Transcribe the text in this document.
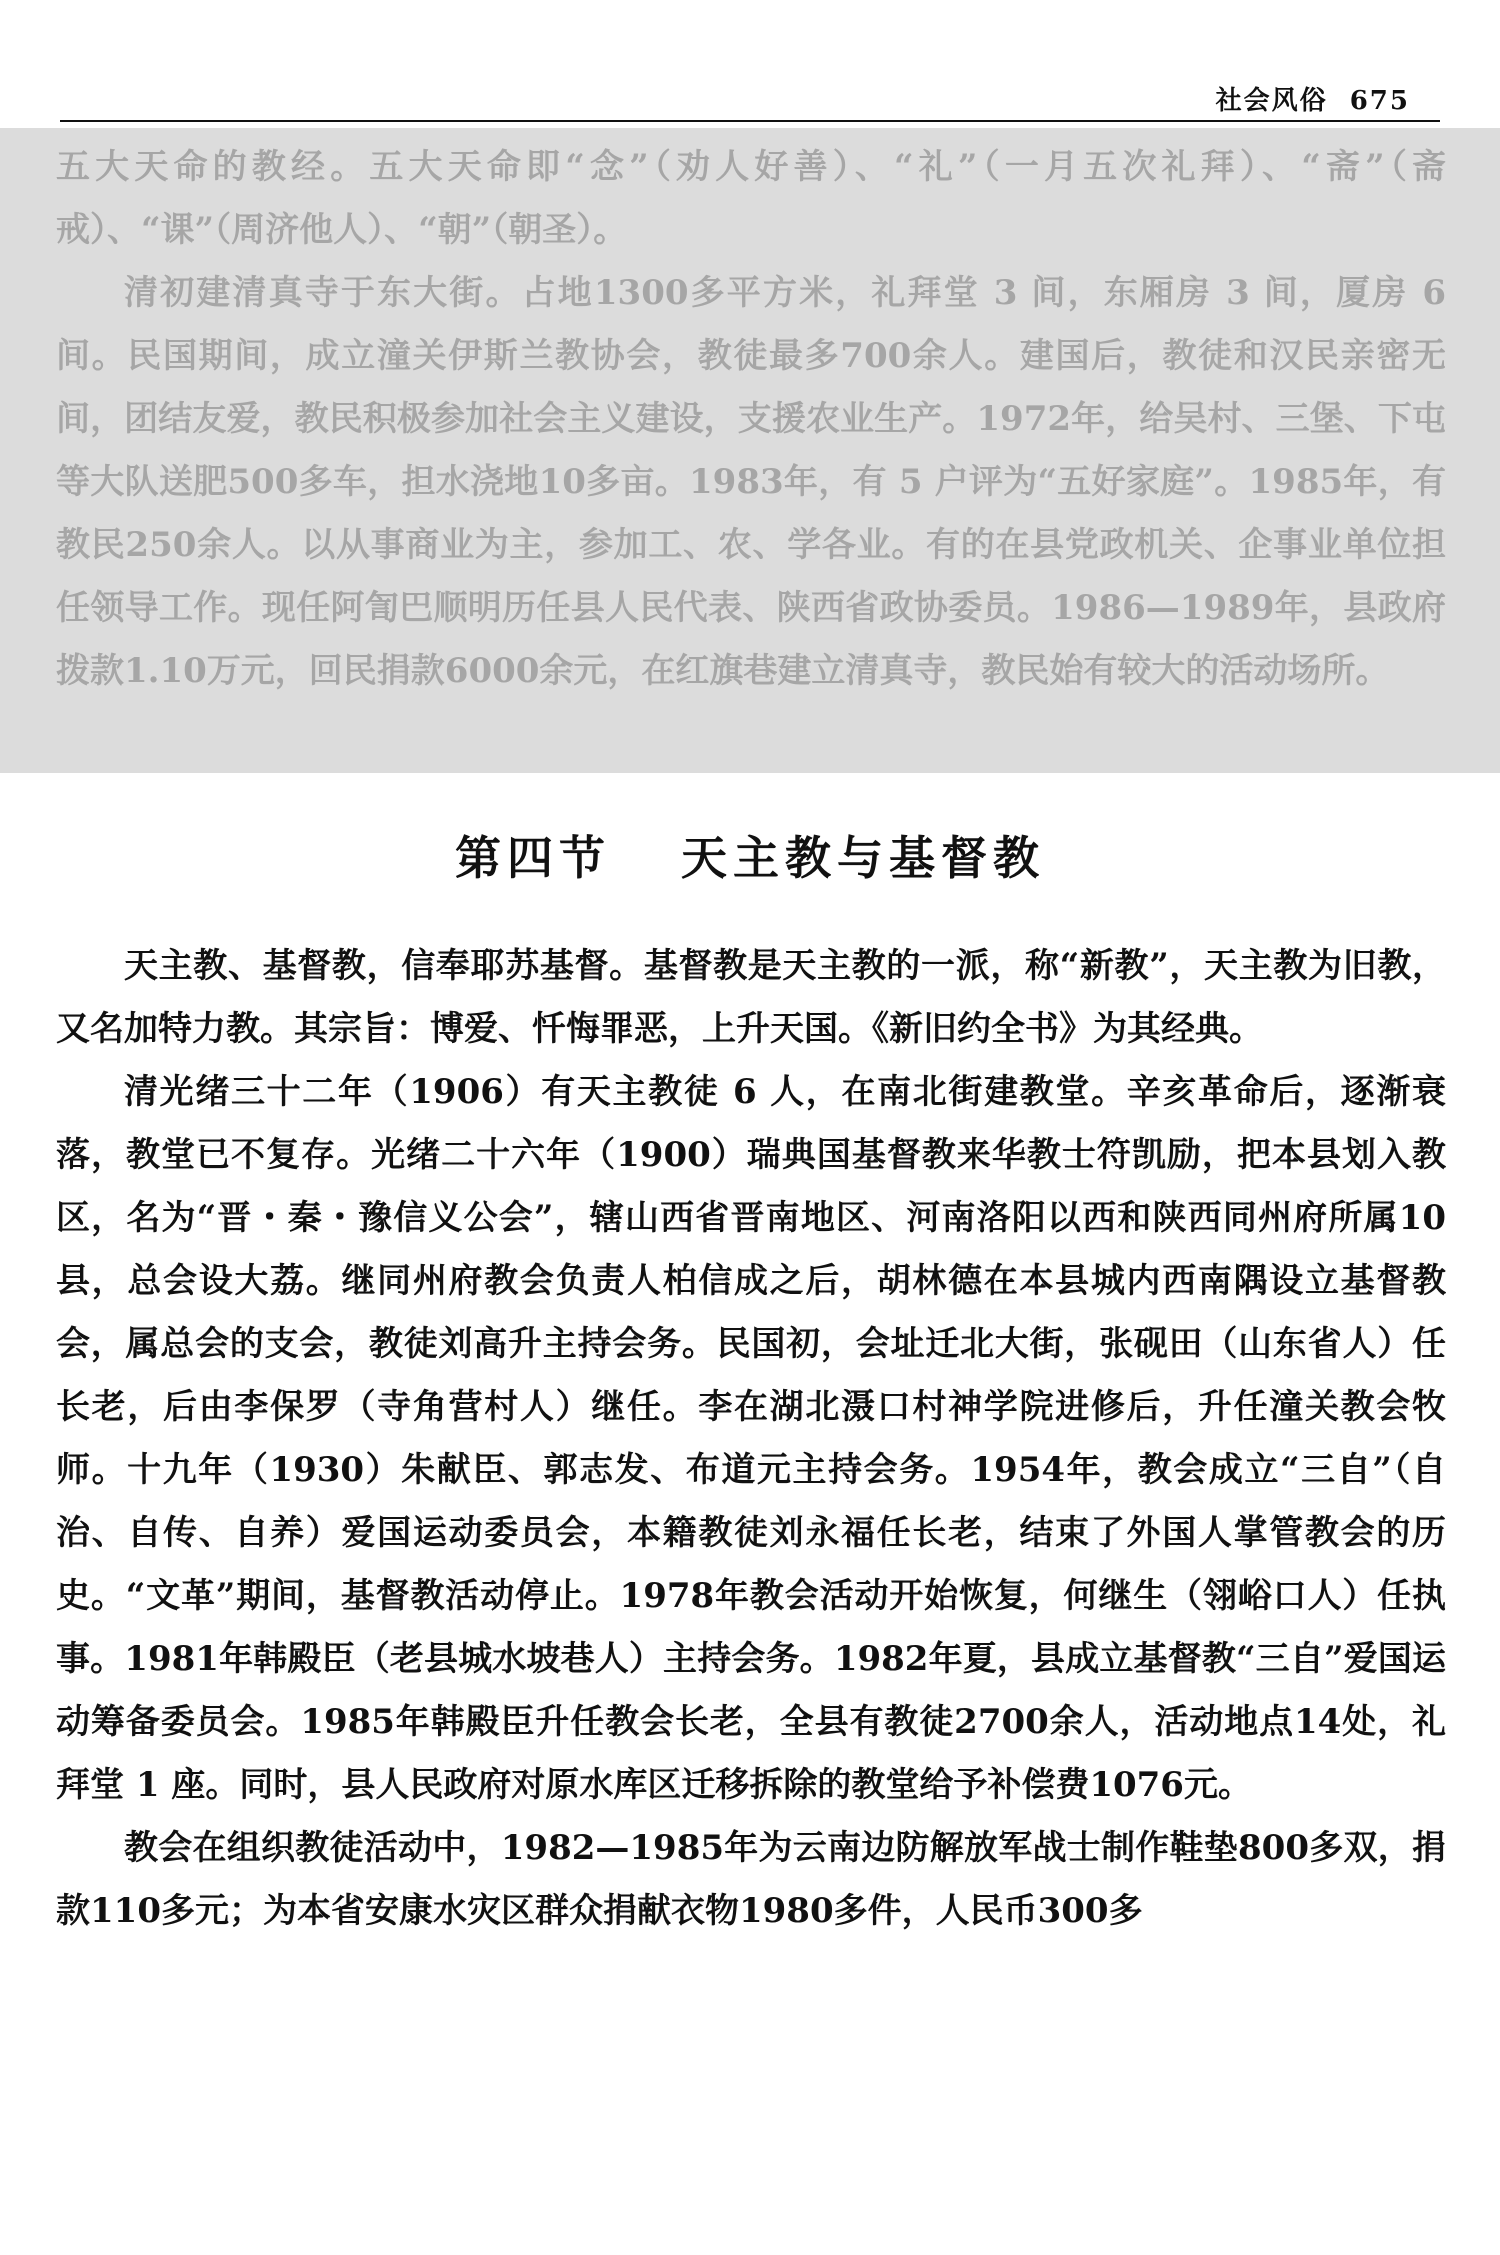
社会风俗 675

五大天命的教经。五大天命即“念”（劝人好善）、“礼”（一月五次礼拜）、“斋”（斋戒）、“课”（周济他人）、“朝”（朝圣）。

清初建清真寺于东大街。占地1300多平方米，礼拜堂 3 间，东厢房 3 间，厦房 6 间。民国期间，成立潼关伊斯兰教协会，教徒最多700余人。建国后，教徒和汉民亲密无间，团结友爱，教民积极参加社会主义建设，支援农业生产。1972年，给吴村、三堡、下屯等大队送肥500多车，担水浇地10多亩。1983年，有 5 户评为“五好家庭”。1985年，有教民250余人。以从事商业为主，参加工、农、学各业。有的在县党政机关、企事业单位担任领导工作。现任阿訇巴顺明历任县人民代表、陕西省政协委员。1986—1989年，县政府拨款1.10万元，回民捐款6000余元，在红旗巷建立清真寺，教民始有较大的活动场所。

第四节 天主教与基督教

天主教、基督教，信奉耶苏基督。基督教是天主教的一派，称“新教”，天主教为旧教，又名加特力教。其宗旨：博爱、忏悔罪恶，上升天国。《新旧约全书》为其经典。

清光绪三十二年（1906）有天主教徒 6 人，在南北街建教堂。辛亥革命后，逐渐衰落，教堂已不复存。光绪二十六年（1900）瑞典国基督教来华教士符凯励，把本县划入教区，名为“晋・秦・豫信义公会”，辖山西省晋南地区、河南洛阳以西和陕西同州府所属10县，总会设大荔。继同州府教会负责人柏信成之后，胡林德在本县城内西南隅设立基督教会，属总会的支会，教徒刘高升主持会务。民国初，会址迁北大街，张砚田（山东省人）任长老，后由李保罗（寺角营村人）继任。李在湖北滠口村神学院进修后，升任潼关教会牧师。十九年（1930）朱献臣、郭志发、布道元主持会务。1954年，教会成立“三自”（自治、自传、自养）爱国运动委员会，本籍教徒刘永福任长老，结束了外国人掌管教会的历史。“文革”期间，基督教活动停止。1978年教会活动开始恢复，何继生（翎峪口人）任执事。1981年韩殿臣（老县城水坡巷人）主持会务。1982年夏，县成立基督教“三自”爱国运动筹备委员会。1985年韩殿臣升任教会长老，全县有教徒2700余人，活动地点14处，礼拜堂 1 座。同时，县人民政府对原水库区迁移拆除的教堂给予补偿费1076元。

教会在组织教徒活动中，1982—1985年为云南边防解放军战士制作鞋垫800多双，捐款110多元；为本省安康水灾区群众捐献衣物1980多件，人民币300多
